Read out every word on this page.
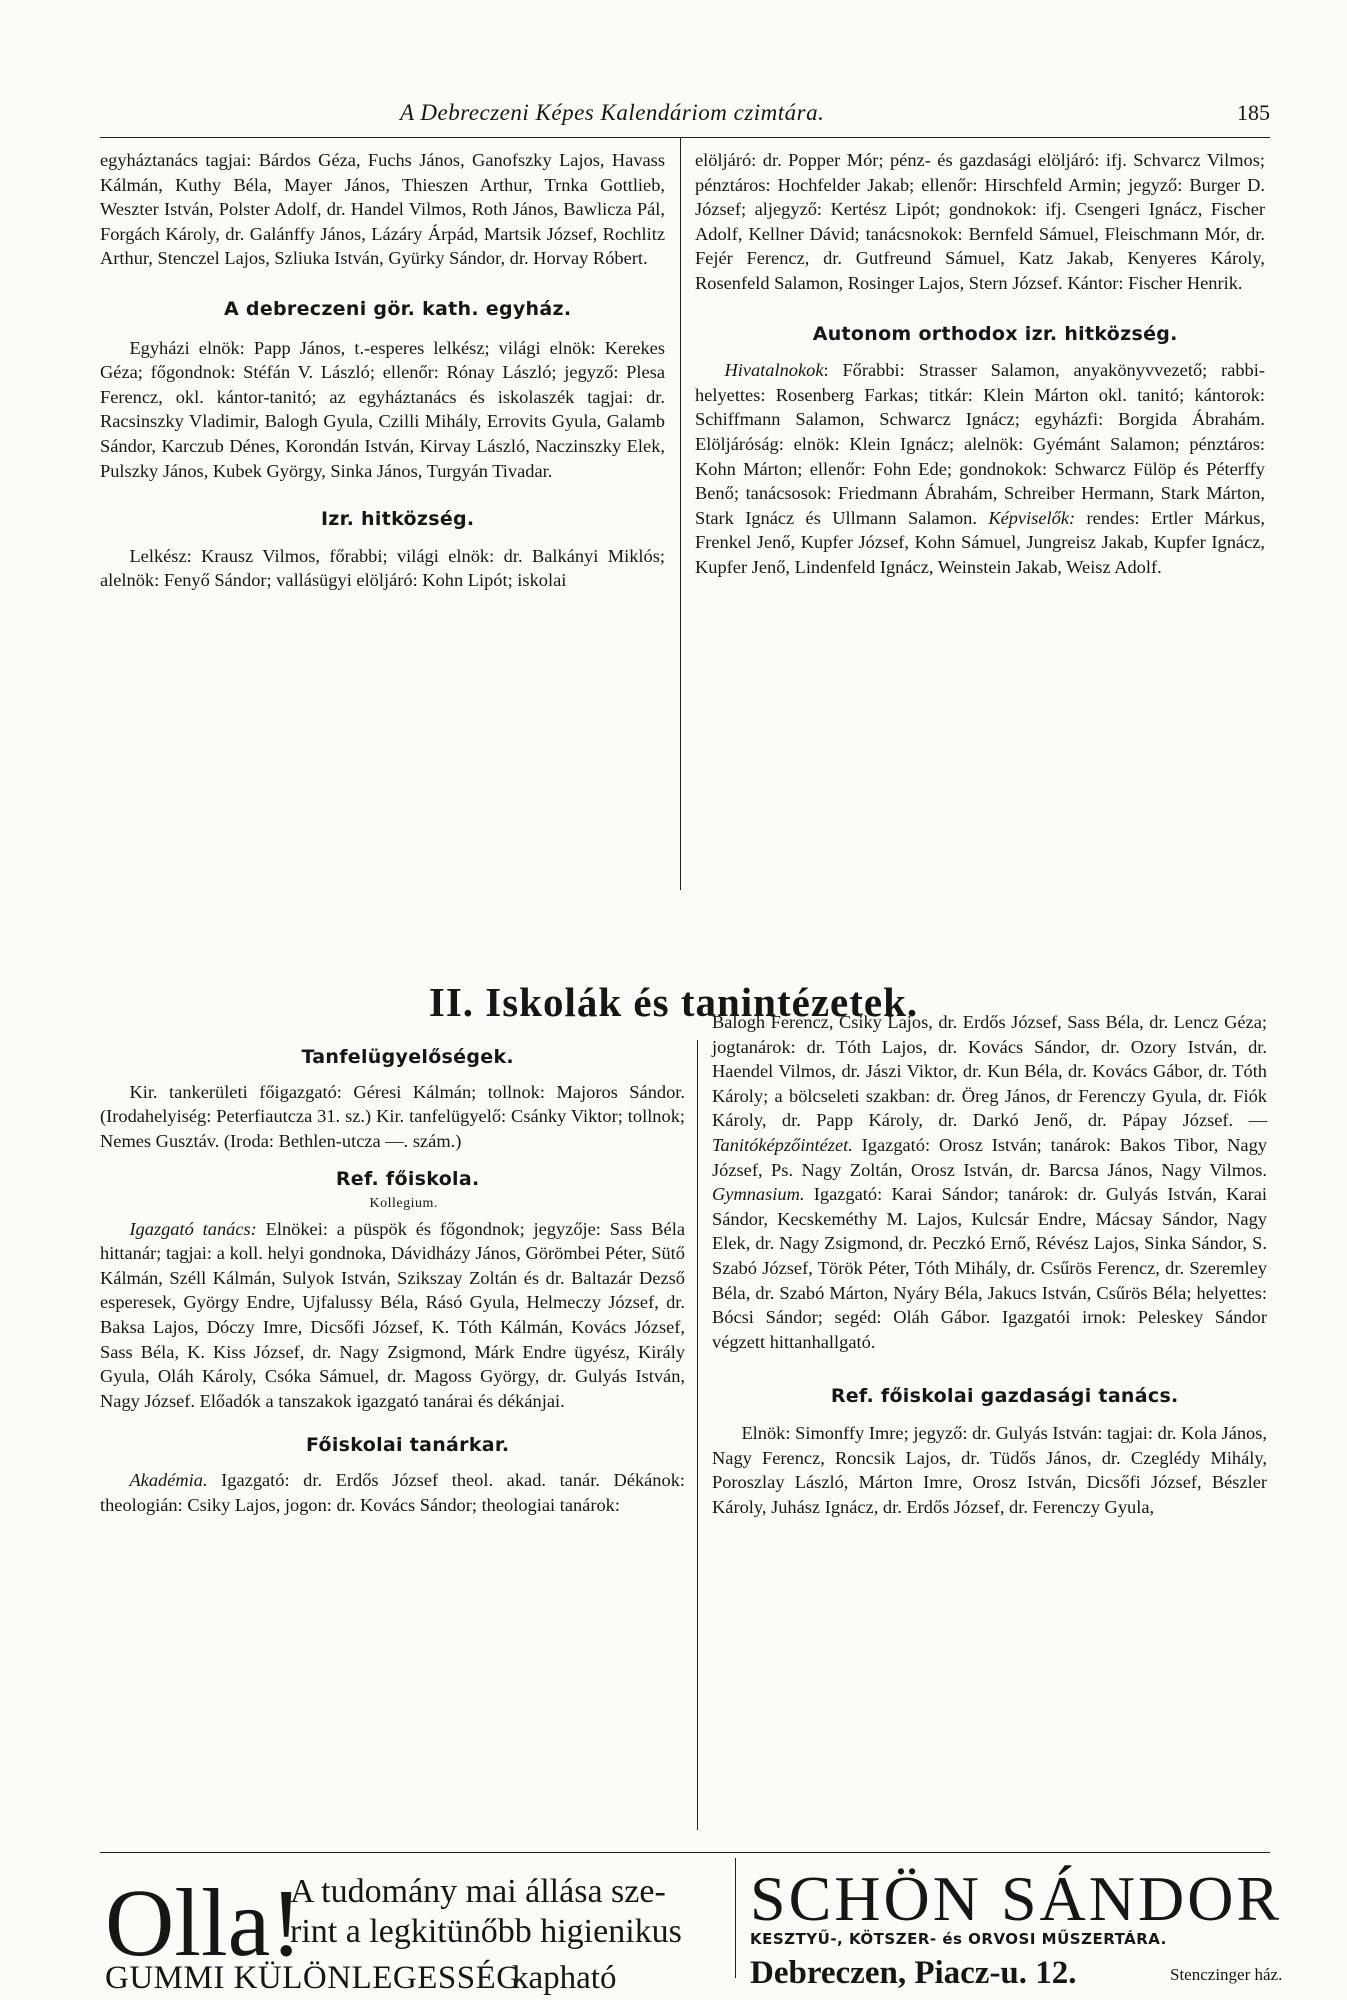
A Debreczeni Képes Kalendáriom czimtára.	185

egyháztanács tagjai: Bárdos Géza, Fuchs János, Ganofszky Lajos, Havass Kálmán, Kuthy Béla, Mayer János, Thieszen Arthur, Trnka Gottlieb, Weszter István, Polster Adolf, dr. Handel Vilmos, Roth János, Bawlicza Pál, Forgách Károly, dr. Galánffy János, Lázáry Árpád, Martsik József, Rochlitz Arthur, Stenczel Lajos, Szliuka István, Gyürky Sándor, dr. Horvay Róbert.

A debreczeni gör. kath. egyház.

Egyházi elnök: Papp János, t.-esperes lelkész; világi elnök: Kerekes Géza; főgondnok: Stéfán V. László; ellenőr: Rónay László; jegyző: Plesa Ferencz, okl. kántor-tanitó; az egyháztanács és iskolaszék tagjai: dr. Racsinszky Vladimir, Balogh Gyula, Czilli Mihály, Errovits Gyula, Galamb Sándor, Karczub Dénes, Korondán István, Kirvay László, Naczinszky Elek, Pulszky János, Kubek György, Sinka János, Turgyán Tivadar.

Izr. hitközség.

Lelkész: Krausz Vilmos, főrabbi; világi elnök: dr. Balkányi Miklós; alelnök: Fenyő Sándor; vallásügyi elöljáró: Kohn Lipót; iskolai

elöljáró: dr. Popper Mór; pénz- és gazdasági elöljáró: ifj. Schvarcz Vilmos; pénztáros: Hochfelder Jakab; ellenőr: Hirschfeld Armin; jegyző: Burger D. József; aljegyző: Kertész Lipót; gondnokok: ifj. Csengeri Ignácz, Fischer Adolf, Kellner Dávid; tanácsnokok: Bernfeld Sámuel, Fleischmann Mór, dr. Fejér Ferencz, dr. Gutfreund Sámuel, Katz Jakab, Kenyeres Károly, Rosenfeld Salamon, Rosinger Lajos, Stern József. Kántor: Fischer Henrik.

Autonom orthodox izr. hitközség.

Hivatalnokok: Főrabbi: Strasser Salamon, anyakönyvvezető; rabbi-helyettes: Rosenberg Farkas; titkár: Klein Márton okl. tanitó; kántorok: Schiffmann Salamon, Schwarcz Ignácz; egyházfi: Borgida Ábrahám. Elöljáróság: elnök: Klein Ignácz; alelnök: Gyémánt Salamon; pénztáros: Kohn Márton; ellenőr: Fohn Ede; gondnokok: Schwarcz Fülöp és Péterffy Benő; tanácsosok: Friedmann Ábrahám, Schreiber Hermann, Stark Márton, Stark Ignácz és Ullmann Salamon. Képviselők: rendes: Ertler Márkus, Frenkel Jenő, Kupfer József, Kohn Sámuel, Jungreisz Jakab, Kupfer Ignácz, Kupfer Jenő, Lindenfeld Ignácz, Weinstein Jakab, Weisz Adolf.

II. Iskolák és tanintézetek.

Tanfelügyelőségek.

Kir. tankerületi főigazgató: Géresi Kálmán; tollnok: Majoros Sándor. (Irodahelyiség: Peterfiautcza 31. sz.) Kir. tanfelügyelő: Csánky Viktor; tollnok; Nemes Gusztáv. (Iroda: Bethlen-utcza —. szám.)

Ref. főiskola.

Kollegium.

Igazgató tanács: Elnökei: a püspök és főgondnok; jegyzője: Sass Béla hittanár; tagjai: a koll. helyi gondnoka, Dávidházy János, Görömbei Péter, Sütő Kálmán, Széll Kálmán, Sulyok István, Szikszay Zoltán és dr. Baltazár Dezső esperesek, György Endre, Ujfalussy Béla, Rásó Gyula, Helmeczy József, dr. Baksa Lajos, Dóczy Imre, Dicsőfi József, K. Tóth Kálmán, Kovács József, Sass Béla, K. Kiss József, dr. Nagy Zsigmond, Márk Endre ügyész, Király Gyula, Oláh Károly, Csóka Sámuel, dr. Magoss György, dr. Gulyás István, Nagy József. Előadók a tanszakok igazgató tanárai és dékánjai.

Főiskolai tanárkar.

Akadémia. Igazgató: dr. Erdős József theol. akad. tanár. Dékánok: theologián: Csiky Lajos, jogon: dr. Kovács Sándor; theologiai tanárok:

Balogh Ferencz, Csiky Lajos, dr. Erdős József, Sass Béla, dr. Lencz Géza; jogtanárok: dr. Tóth Lajos, dr. Kovács Sándor, dr. Ozory István, dr. Haendel Vilmos, dr. Jászi Viktor, dr. Kun Béla, dr. Kovács Gábor, dr. Tóth Károly; a bölcseleti szakban: dr. Öreg János, dr Ferenczy Gyula, dr. Fiók Károly, dr. Papp Károly, dr. Darkó Jenő, dr. Pápay József. — Tanitóképzőintézet. Igazgató: Orosz István; tanárok: Bakos Tibor, Nagy József, Ps. Nagy Zoltán, Orosz István, dr. Barcsa János, Nagy Vilmos. Gymnasium. Igazgató: Karai Sándor; tanárok: dr. Gulyás István, Karai Sándor, Kecskeméthy M. Lajos, Kulcsár Endre, Mácsay Sándor, Nagy Elek, dr. Nagy Zsigmond, dr. Peczkó Ernő, Révész Lajos, Sinka Sándor, S. Szabó József, Török Péter, Tóth Mihály, dr. Csűrös Ferencz, dr. Szeremley Béla, dr. Szabó Márton, Nyáry Béla, Jakucs István, Csűrös Béla; helyettes: Bócsi Sándor; segéd: Oláh Gábor. Igazgatói irnok: Peleskey Sándor végzett hittanhallgató.

Ref. főiskolai gazdasági tanács.

Elnök: Simonffy Imre; jegyző: dr. Gulyás István: tagjai: dr. Kola János, Nagy Ferencz, Roncsik Lajos, dr. Tüdős János, dr. Czeglédy Mihály, Poroszlay László, Márton Imre, Orosz István, Dicsőfi József, Bészler Károly, Juhász Ignácz, dr. Erdős József, dr. Ferenczy Gyula,

Olla!
A tudomány mai állása sze-
rint a legkitünőbb higienikus
GUMMI KÜLÖNLEGESSÉG
kapható
SCHÖN SÁNDOR
KESZTYŰ-, KÖTSZER- és ORVOSI MŰSZERTÁRA.
Debreczen, Piacz-u. 12.	Stenczinger ház.
